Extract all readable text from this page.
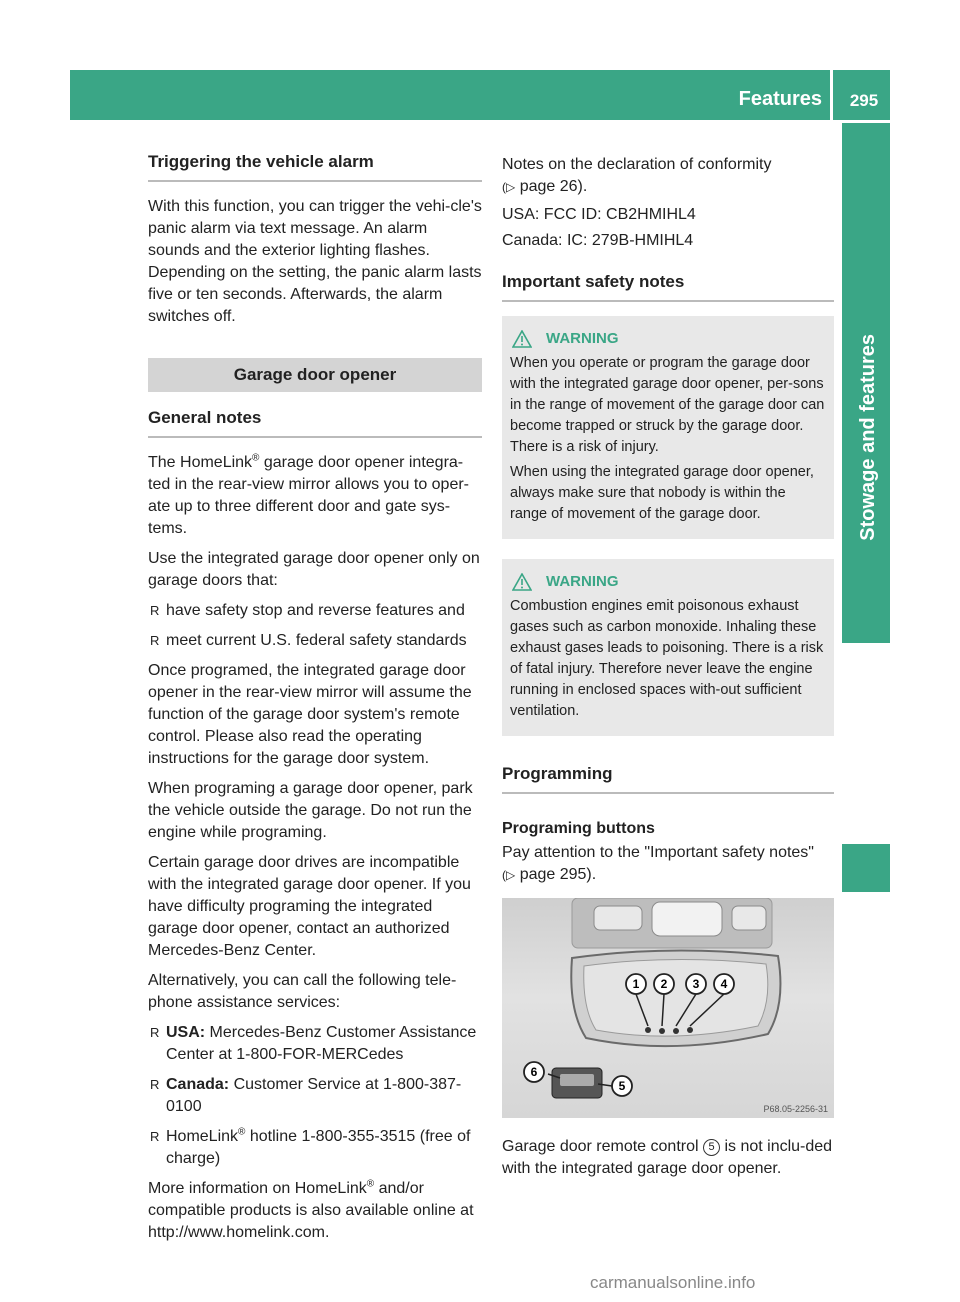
Features	295
Stowage and features
Triggering the vehicle alarm

With this function, you can trigger the vehi-cle's panic alarm via text message. An alarm sounds and the exterior lighting flashes. Depending on the setting, the panic alarm lasts five or ten seconds. Afterwards, the alarm switches off.

Garage door opener
General notes

The HomeLink® garage door opener integra-ted in the rear-view mirror allows you to oper-ate up to three different door and gate sys-tems.

Use the integrated garage door opener only on garage doors that:

R have safety stop and reverse features and
R meet current U.S. federal safety standards

Once programed, the integrated garage door opener in the rear-view mirror will assume the function of the garage door system's remote control. Please also read the operating instructions for the garage door system.

When programing a garage door opener, park the vehicle outside the garage. Do not run the engine while programing.

Certain garage door drives are incompatible with the integrated garage door opener. If you have difficulty programing the integrated garage door opener, contact an authorized Mercedes-Benz Center.

Alternatively, you can call the following tele-phone assistance services:

R USA: Mercedes-Benz Customer Assistance Center at 1-800-FOR-MERCedes
R Canada: Customer Service at 1-800-387-0100
R HomeLink® hotline 1-800-355-3515 (free of charge)

More information on HomeLink® and/or compatible products is also available online at http://www.homelink.com.

Notes on the declaration of conformity
(▷ page 26).

USA: FCC ID: CB2HMIHL4

Canada: IC: 279B-HMIHL4

Important safety notes
WARNING

When you operate or program the garage door with the integrated garage door opener, per-sons in the range of movement of the garage door can become trapped or struck by the garage door. There is a risk of injury.

When using the integrated garage door opener, always make sure that nobody is within the range of movement of the garage door.

WARNING

Combustion engines emit poisonous exhaust gases such as carbon monoxide. Inhaling these exhaust gases leads to poisoning. There is a risk of fatal injury. Therefore never leave the engine running in enclosed spaces with-out sufficient ventilation.

Programming
Programing buttons

Pay attention to the "Important safety notes"
(▷ page 295).

1 2 3 4
5
6
P68.05-2256-31

Garage door remote control 5 is not inclu-ded with the integrated garage door opener.

carmanualsonline.info
